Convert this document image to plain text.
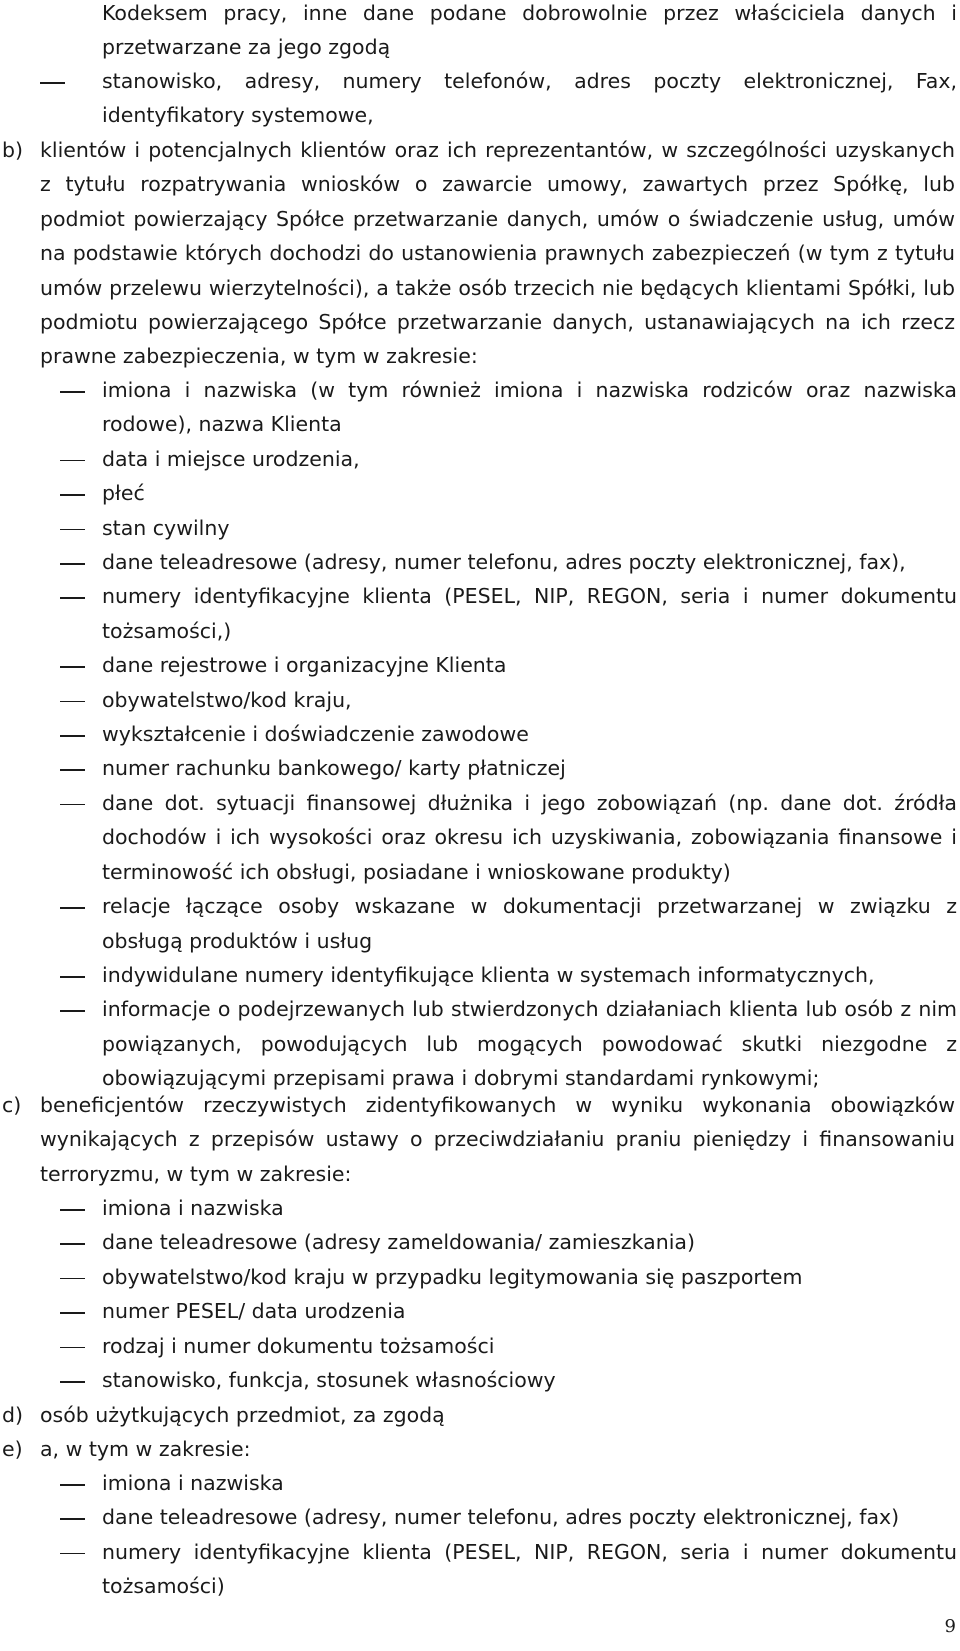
Kodeksem pracy, inne dane podane dobrowolnie przez właściciela danych i przetwarzane za jego zgodą
stanowisko, adresy, numery telefonów, adres poczty elektronicznej, Fax, identyfikatory systemowe,
b) klientów i potencjalnych klientów oraz ich reprezentantów, w szczególności uzyskanych z tytułu rozpatrywania wniosków o zawarcie umowy, zawartych przez Spółkę, lub podmiot powierzający Spółce przetwarzanie danych, umów o świadczenie usług, umów na podstawie których dochodzi do ustanowienia prawnych zabezpieczeń (w tym z tytułu umów przelewu wierzytelności), a także osób trzecich nie będących klientami Spółki, lub podmiotu powierzającego Spółce przetwarzanie danych, ustanawiających na ich rzecz prawne zabezpieczenia, w tym w zakresie:
imiona i nazwiska (w tym również imiona i nazwiska rodziców oraz nazwiska rodowe), nazwa Klienta
data i miejsce urodzenia,
płeć
stan cywilny
dane teleadresowe (adresy, numer telefonu, adres poczty elektronicznej, fax),
numery identyfikacyjne klienta (PESEL, NIP, REGON, seria i numer dokumentu tożsamości,)
dane rejestrowe i organizacyjne Klienta
obywatelstwo/kod kraju,
wykształcenie i doświadczenie zawodowe
numer rachunku bankowego/ karty płatniczej
dane dot. sytuacji finansowej dłużnika i jego zobowiązań (np. dane dot. źródła dochodów i ich wysokości oraz okresu ich uzyskiwania, zobowiązania finansowe i terminowość ich obsługi, posiadane i wnioskowane produkty)
relacje łączące osoby wskazane w dokumentacji przetwarzanej w związku z obsługą produktów i usług
indywidulane numery identyfikujące klienta w systemach informatycznych,
informacje o podejrzewanych lub stwierdzonych działaniach klienta lub osób z nim powiązanych, powodujących lub mogących powodować skutki niezgodne z obowiązującymi przepisami prawa i dobrymi standardami rynkowymi;
c) beneficjentów rzeczywistych zidentyfikowanych w wyniku wykonania obowiązków wynikających z przepisów ustawy o przeciwdziałaniu praniu pieniędzy i finansowaniu terroryzmu, w tym w zakresie:
imiona i nazwiska
dane teleadresowe (adresy zameldowania/ zamieszkania)
obywatelstwo/kod kraju w przypadku legitymowania się paszportem
numer PESEL/ data urodzenia
rodzaj i numer dokumentu tożsamości
stanowisko, funkcja, stosunek własnościowy
d) osób użytkujących przedmiot, za zgodą
e) a, w tym w zakresie:
imiona i nazwiska
dane teleadresowe (adresy, numer telefonu, adres poczty elektronicznej, fax)
numery identyfikacyjne klienta (PESEL, NIP, REGON, seria i numer dokumentu tożsamości)
9
